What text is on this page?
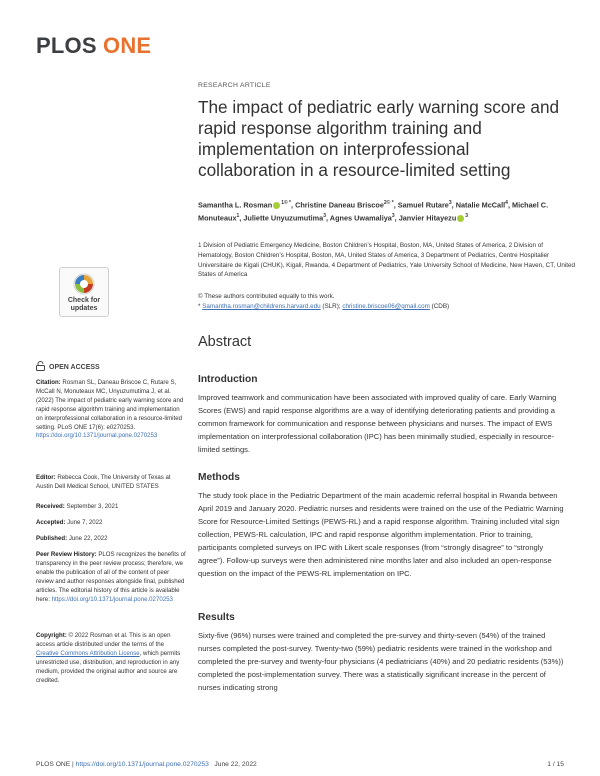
PLOS ONE
Check for
updates
OPEN ACCESS
Citation: Rosman SL, Daneau Briscoe C, Rutare S, McCall N, Monuteaux MC, Unyuzumutima J, et al. (2022) The impact of pediatric early warning score and rapid response algorithm training and implementation on interprofessional collaboration in a resource-limited setting. PLoS ONE 17(6): e0270253. https://doi.org/10.1371/journal.pone.0270253
Editor: Rebecca Cook, The University of Texas at Austin Dell Medical School, UNITED STATES
Received: September 3, 2021
Accepted: June 7, 2022
Published: June 22, 2022
Peer Review History: PLOS recognizes the benefits of transparency in the peer review process; therefore, we enable the publication of all of the content of peer review and author responses alongside final, published articles. The editorial history of this article is available here: https://doi.org/10.1371/journal.pone.0270253
Copyright: © 2022 Rosman et al. This is an open access article distributed under the terms of the Creative Commons Attribution License, which permits unrestricted use, distribution, and reproduction in any medium, provided the original author and source are credited.
RESEARCH ARTICLE
The impact of pediatric early warning score and rapid response algorithm training and implementation on interprofessional collaboration in a resource-limited setting
Samantha L. Rosman $^{1© *}$, Christine Daneau Briscoe$^{2© *}$, Samuel Rutare$^3$, Natalie McCall$^4$, Michael C. Monuteaux$^1$, Juliette Unyuzumutima$^3$, Agnes Uwamaliya$^3$, Janvier Hitayezu $^3$
1 Division of Pediatric Emergency Medicine, Boston Children’s Hospital, Boston, MA, United States of America, 2 Division of Hematology, Boston Children’s Hospital, Boston, MA, United States of America, 3 Department of Pediatrics, Centre Hospitalier Universitaire de Kigali (CHUK), Kigali, Rwanda, 4 Department of Pediatrics, Yale University School of Medicine, New Haven, CT, United States of America
© These authors contributed equally to this work.
* Samantha.rosman@childrens.harvard.edu (SLR); christine.briscoe06@gmail.com (CDB)
Abstract
Introduction
Improved teamwork and communication have been associated with improved quality of care. Early Warning Scores (EWS) and rapid response algorithms are a way of identifying deteriorating patients and providing a common framework for communication and response between physicians and nurses. The impact of EWS implementation on interprofessional collaboration (IPC) has been minimally studied, especially in resource-limited settings.
Methods
The study took place in the Pediatric Department of the main academic referral hospital in Rwanda between April 2019 and January 2020. Pediatric nurses and residents were trained on the use of the Pediatric Warning Score for Resource-Limited Settings (PEWS-RL) and a rapid response algorithm. Training included vital sign collection, PEWS-RL calculation, IPC and rapid response algorithm implementation. Prior to training, participants completed surveys on IPC with Likert scale responses (from “strongly disagree” to “strongly agree”). Follow-up surveys were then administered nine months later and also included an open-response question on the impact of the PEWS-RL implementation on IPC.
Results
Sixty-five (96%) nurses were trained and completed the pre-survey and thirty-seven (54%) of the trained nurses completed the post-survey. Twenty-two (59%) pediatric residents were trained in the workshop and completed the pre-survey and twenty-four physicians (4 pediatricians (40%) and 20 pediatric residents (53%)) completed the post-implementation survey. There was a statistically significant increase in the percent of nurses indicating strong
PLOS ONE | https://doi.org/10.1371/journal.pone.0270253 June 22, 2022	1 / 15
